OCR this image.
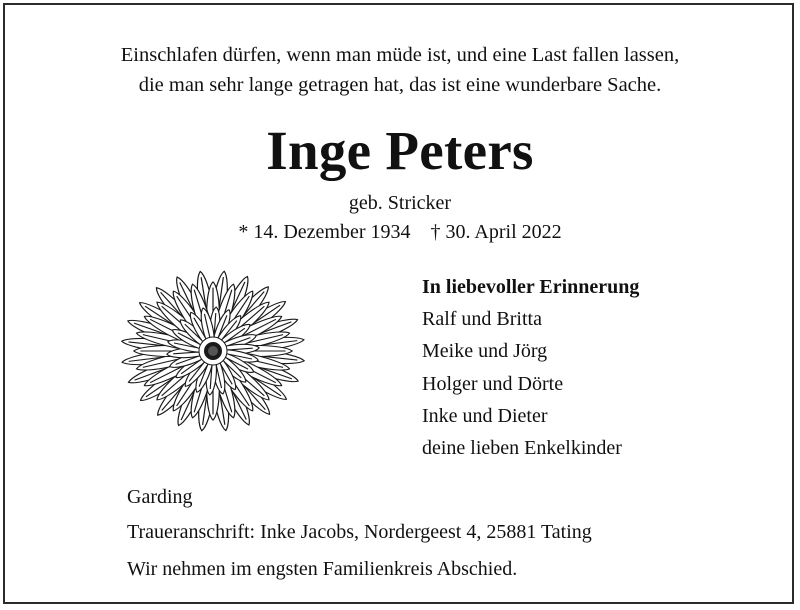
Einschlafen dürfen, wenn man müde ist, und eine Last fallen lassen,
die man sehr lange getragen hat, das ist eine wunderbare Sache.
Inge Peters
geb. Stricker
* 14. Dezember 1934    † 30. April 2022
In liebevoller Erinnerung
Ralf und Britta
Meike und Jörg
Holger und Dörte
Inke und Dieter
deine lieben Enkelkinder
Garding
Traueranschrift: Inke Jacobs, Nordergeest 4, 25881 Tating
Wir nehmen im engsten Familienkreis Abschied.
